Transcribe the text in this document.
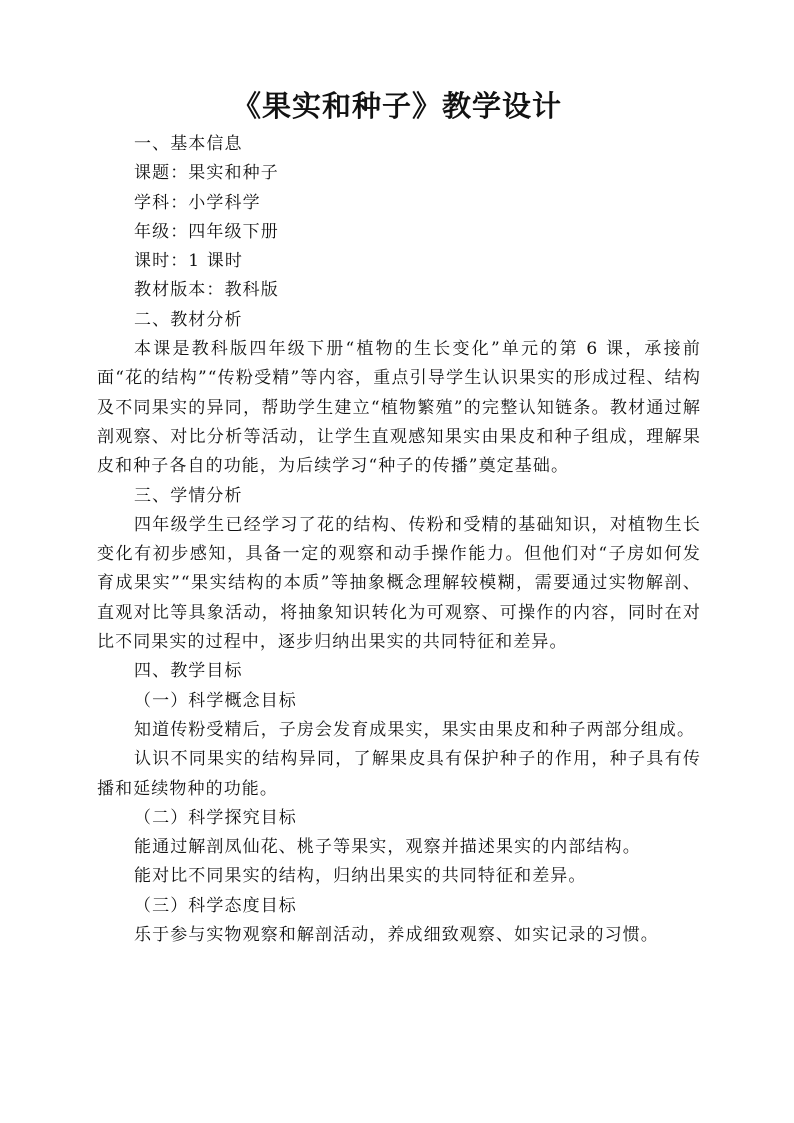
《果实和种子》教学设计

一、基本信息

课题：果实和种子

学科：小学科学

年级：四年级下册

课时：1 课时

教材版本：教科版

二、教材分析

本课是教科版四年级下册“植物的生长变化”单元的第 6 课，承接前面“花的结构”“传粉受精”等内容，重点引导学生认识果实的形成过程、结构及不同果实的异同，帮助学生建立“植物繁殖”的完整认知链条。教材通过解剖观察、对比分析等活动，让学生直观感知果实由果皮和种子组成，理解果皮和种子各自的功能，为后续学习“种子的传播”奠定基础。

三、学情分析

四年级学生已经学习了花的结构、传粉和受精的基础知识，对植物生长变化有初步感知，具备一定的观察和动手操作能力。但他们对“子房如何发育成果实”“果实结构的本质”等抽象概念理解较模糊，需要通过实物解剖、直观对比等具象活动，将抽象知识转化为可观察、可操作的内容，同时在对比不同果实的过程中，逐步归纳出果实的共同特征和差异。

四、教学目标

（一）科学概念目标

知道传粉受精后，子房会发育成果实，果实由果皮和种子两部分组成。

认识不同果实的结构异同，了解果皮具有保护种子的作用，种子具有传播和延续物种的功能。

（二）科学探究目标

能通过解剖凤仙花、桃子等果实，观察并描述果实的内部结构。

能对比不同果实的结构，归纳出果实的共同特征和差异。

（三）科学态度目标

乐于参与实物观察和解剖活动，养成细致观察、如实记录的习惯。
